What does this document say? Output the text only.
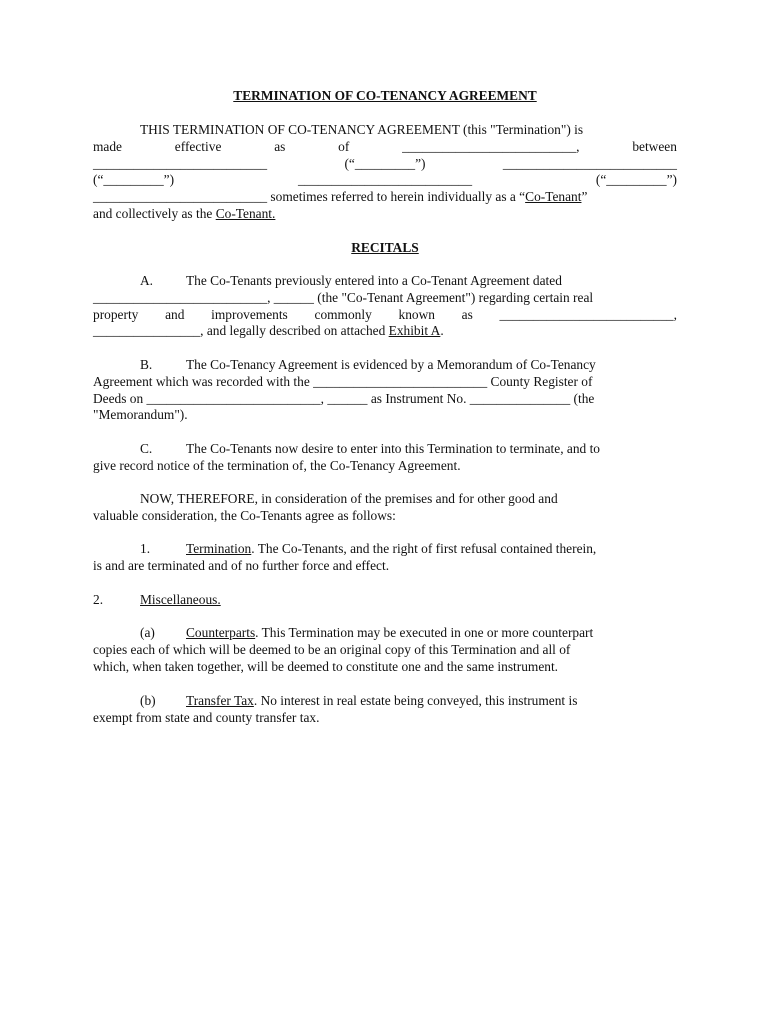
TERMINATION OF CO-TENANCY AGREEMENT
THIS TERMINATION OF CO-TENANCY AGREEMENT (this "Termination") is
made	effective	as	of	__________________________,	between
__________________________	(“_________”)	__________________________
(“_________”)	__________________________	(“_________”)
__________________________ sometimes referred to herein individually as a “Co-Tenant”
and collectively as the Co-Tenant.
RECITALS
A. The Co-Tenants previously entered into a Co-Tenant Agreement dated
__________________________, ______ (the "Co-Tenant Agreement") regarding certain real
property and improvements commonly known as __________________________,
________________, and legally described on attached Exhibit A.
B.	The Co-Tenancy Agreement is evidenced by a Memorandum of Co-Tenancy
Agreement which was recorded with the __________________________ County Register of
Deeds on __________________________, ______ as Instrument No. _______________ (the
"Memorandum").
C.	The Co-Tenants now desire to enter into this Termination to terminate, and to
give record notice of the termination of, the Co-Tenancy Agreement.
NOW, THEREFORE, in consideration of the premises and for other good and
valuable consideration, the Co-Tenants agree as follows:
1.	Termination. The Co-Tenants, and the right of first refusal contained therein,
is and are terminated and of no further force and effect.
2.	Miscellaneous.
(a) Counterparts. This Termination may be executed in one or more counterpart
copies each of which will be deemed to be an original copy of this Termination and all of
which, when taken together, will be deemed to constitute one and the same instrument.
(b) Transfer Tax. No interest in real estate being conveyed, this instrument is
exempt from state and county transfer tax.
